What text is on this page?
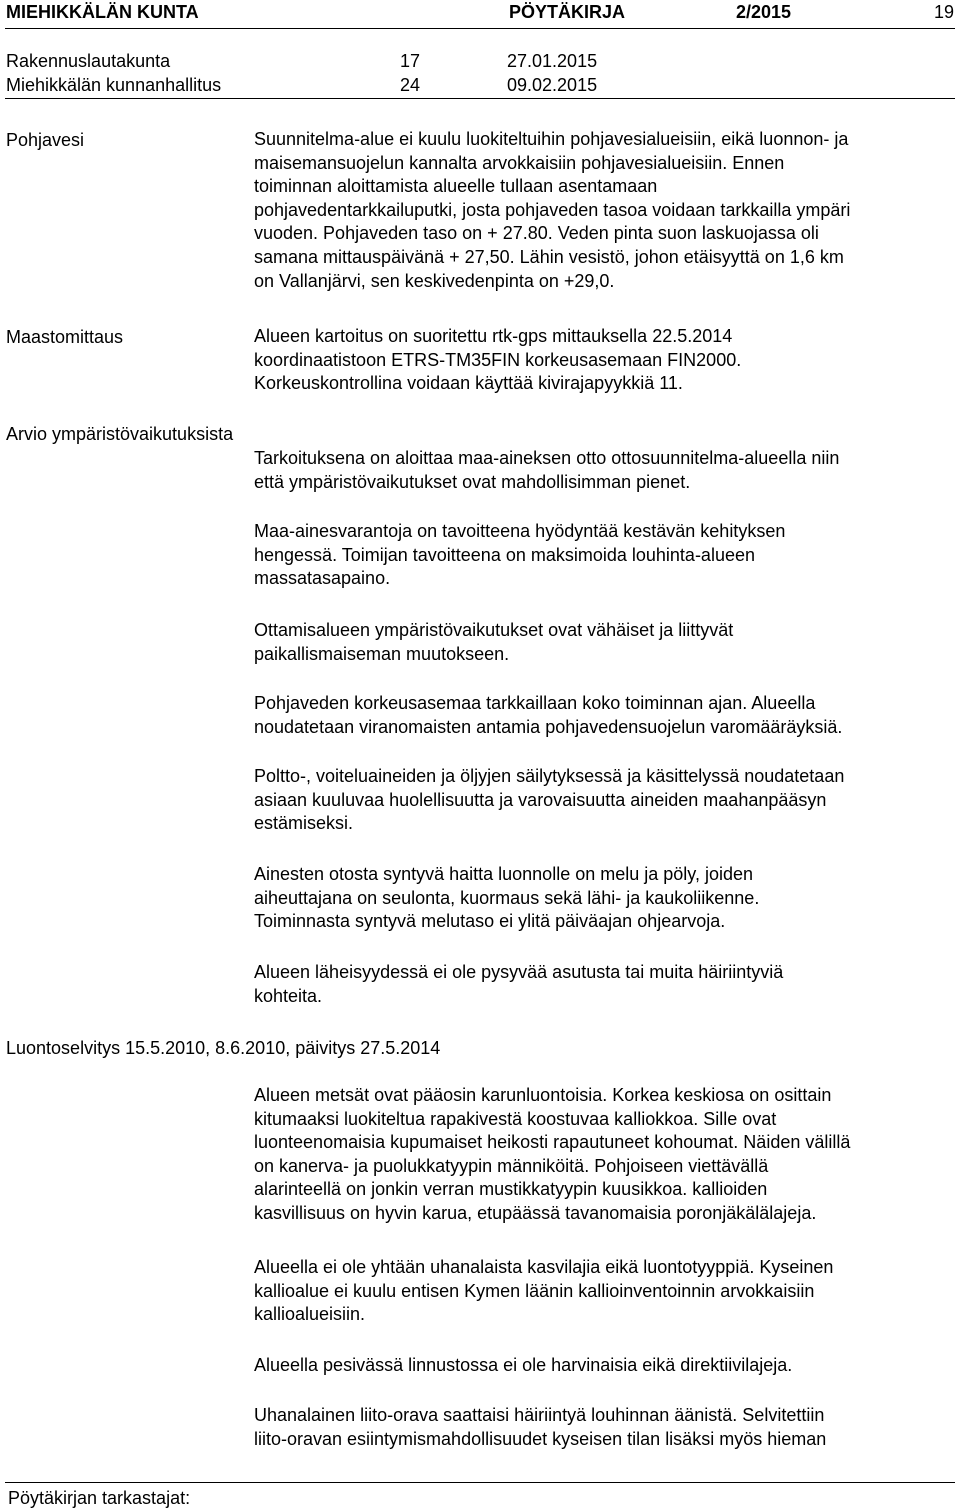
MIEHIKKÄLÄN KUNTA	PÖYTÄKIRJA	2/2015	19
Rakennuslautakunta	17	27.01.2015
Miehikkälän kunnanhallitus	24	09.02.2015
Pohjavesi	Suunnitelma-alue ei kuulu luokiteltuihin pohjavesialueisiin, eikä luonnon- ja
maisemansuojelun kannalta arvokkaisiin pohjavesialueisiin. Ennen
toiminnan aloittamista alueelle tullaan asentamaan
pohjavedentarkkailuputki, josta pohjaveden tasoa voidaan tarkkailla ympäri
vuoden. Pohjaveden taso on + 27.80. Veden pinta suon laskuojassa oli
samana mittauspäivänä + 27,50. Lähin vesistö, johon etäisyyttä on 1,6 km
on Vallanjärvi, sen keskivedenpinta on +29,0.
Maastomittaus	Alueen kartoitus on suoritettu rtk-gps mittauksella 22.5.2014
koordinaatistoon ETRS-TM35FIN korkeusasemaan FIN2000.
Korkeuskontrollina voidaan käyttää kivirajapyykkiä 11.
Arvio ympäristövaikutuksista
Tarkoituksena on aloittaa maa-aineksen otto ottosuunnitelma-alueella niin
että ympäristövaikutukset ovat mahdollisimman pienet.
Maa-ainesvarantoja on tavoitteena hyödyntää kestävän kehityksen
hengessä. Toimijan tavoitteena on maksimoida louhinta-alueen
massatasapaino.
Ottamisalueen ympäristövaikutukset ovat vähäiset ja liittyvät
paikallismaiseman muutokseen.
Pohjaveden korkeusasemaa tarkkaillaan koko toiminnan ajan. Alueella
noudatetaan viranomaisten antamia pohjavedensuojelun varomääräyksiä.
Poltto-, voiteluaineiden ja öljyjen säilytyksessä ja käsittelyssä noudatetaan
asiaan kuuluvaa huolellisuutta ja varovaisuutta aineiden maahanpääsyn
estämiseksi.
Ainesten otosta syntyvä haitta luonnolle on melu ja pöly, joiden
aiheuttajana on seulonta, kuormaus sekä lähi- ja kaukoliikenne.
Toiminnasta syntyvä melutaso ei ylitä päiväajan ohjearvoja.
Alueen läheisyydessä ei ole pysyvää asutusta tai muita häiriintyviä
kohteita.
Luontoselvitys 15.5.2010, 8.6.2010, päivitys 27.5.2014
Alueen metsät ovat pääosin karunluontoisia. Korkea keskiosa on osittain
kitumaaksi luokiteltua rapakivestä koostuvaa kalliokkoa. Sille ovat
luonteenomaisia kupumaiset heikosti rapautuneet kohoumat. Näiden välillä
on kanerva- ja puolukkatyypin männiköitä. Pohjoiseen viettävällä
alarinteellä on jonkin verran mustikkatyypin kuusikkoa. kallioiden
kasvillisuus on hyvin karua, etupäässä tavanomaisia poronjäkälälajeja.
Alueella ei ole yhtään uhanalaista kasvilajia eikä luontotyyppiä. Kyseinen
kallioalue ei kuulu entisen Kymen läänin kallioinventoinnin arvokkaisiin
kallioalueisiin.
Alueella pesivässä linnustossa ei ole harvinaisia eikä direktiivilajeja.
Uhanalainen liito-orava saattaisi häiriintyä louhinnan äänistä. Selvitettiin
liito-oravan esiintymismahdollisuudet kyseisen tilan lisäksi myös hieman
Pöytäkirjan tarkastajat:
